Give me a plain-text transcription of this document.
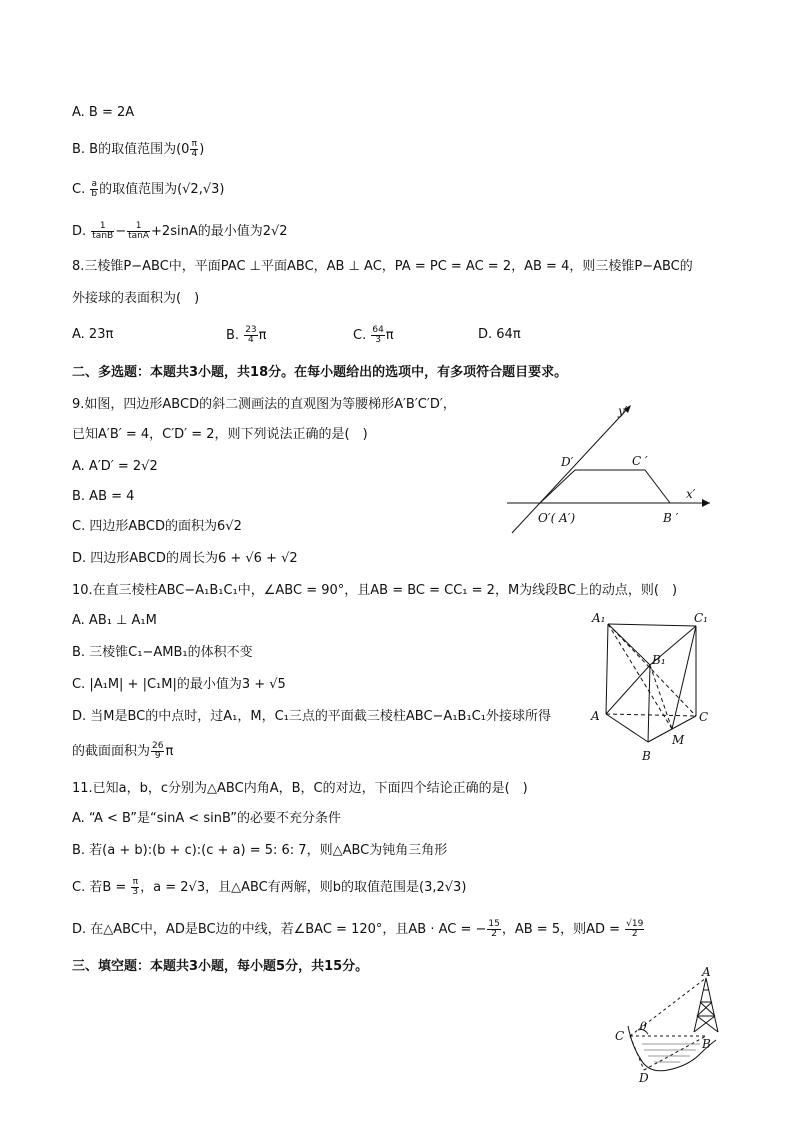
A. B = 2A
B. B的取值范围为($0 \frac{\pi}{4}$ )
C. $\frac{a}{b}$ 的取值范围为(√2,√3)
D. $\frac{1}{\tan B} - \frac{1}{\tan A} +2\sin A$的最小值为2√2
8.三棱锥P−ABC中，平面PAC ⊥平面ABC，AB ⊥ AC，PA = PC = AC = 2，AB = 4，则三棱锥P−ABC的
外接球的表面积为(　)
A. 23π	B. $\frac{23}{4}$ π	C. $\frac{64}{3}$ π	D. 64π
二、多选题：本题共3小题，共18分。在每小题给出的选项中，有多项符合题目要求。
9.如图，四边形ABCD的斜二测画法的直观图为等腰梯形A′B′C′D′，
已知A′B′ = 4，C′D′ = 2，则下列说法正确的是(　)
A. A′D′ = 2√2
B. AB = 4
C. 四边形ABCD的面积为6√2
D. 四边形ABCD的周长为6 + √6 + √2
y′
x′
D′	C ′
O′( A′)	B ′
10.在直三棱柱ABC−A₁B₁C₁中，∠ABC = 90°，且AB = BC = CC₁ = 2，M为线段BC上的动点，则(　)
A. AB₁ ⊥ A₁M
B. 三棱锥C₁−AMB₁的体积不变
C. |A₁M| + |C₁M|的最小值为3 + √5
D. 当M是BC的中点时，过A₁，M，C₁三点的平面截三棱柱ABC−A₁B₁C₁外接球所得
的截面面积为 $\frac{26}{9}$ π
A₁	C₁
B₁
A	C
M
B
11.已知a，b，c分别为△ABC内角A，B，C的对边，下面四个结论正确的是(　)
A. “A < B”是“sinA < sinB”的必要不充分条件
B. 若(a + b):(b + c):(c + a) = 5: 6: 7，则△ABC为钝角三角形
C. 若$B = \frac{\pi}{3}$ ，a = 2√3，且△ABC有两解，则b的取值范围是(3,2√3)
D. 在△ABC中，AD是BC边的中线，若∠BAC = 120°，且AB · AC = − $\frac{15}{2}$ ，AB = 5，则AD = $\frac{√19}{2}$
三、填空题：本题共3小题，每小题5分，共15分。	A
C
B
D
θ
